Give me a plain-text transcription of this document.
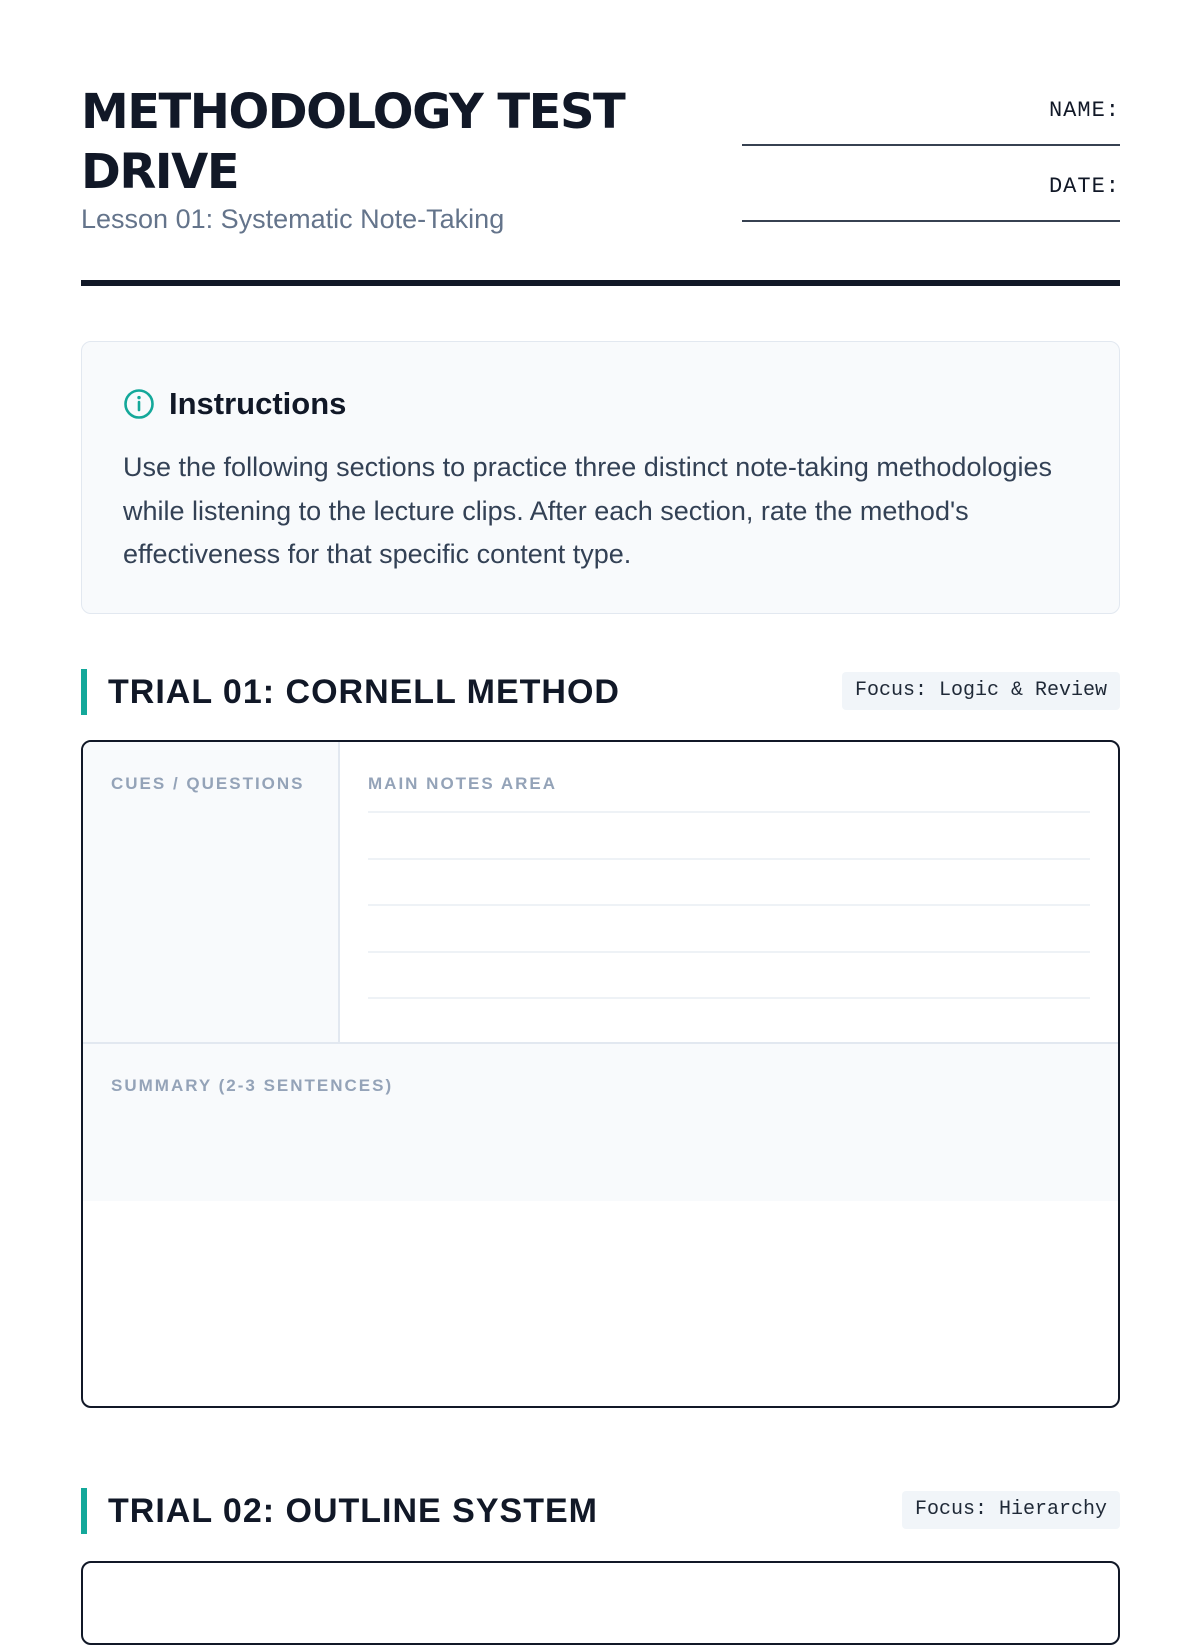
METHODOLOGY TEST DRIVE

Lesson 01: Systematic Note-Taking

NAME:
DATE:
Instructions

Use the following sections to practice three distinct note-taking methodologies while listening to the lecture clips. After each section, rate the method's effectiveness for that specific content type.

TRIAL 01: CORNELL METHOD	Focus: Logic & Review
CUES / QUESTIONS	MAIN NOTES AREA
SUMMARY (2-3 SENTENCES)
TRIAL 02: OUTLINE SYSTEM	Focus: Hierarchy
